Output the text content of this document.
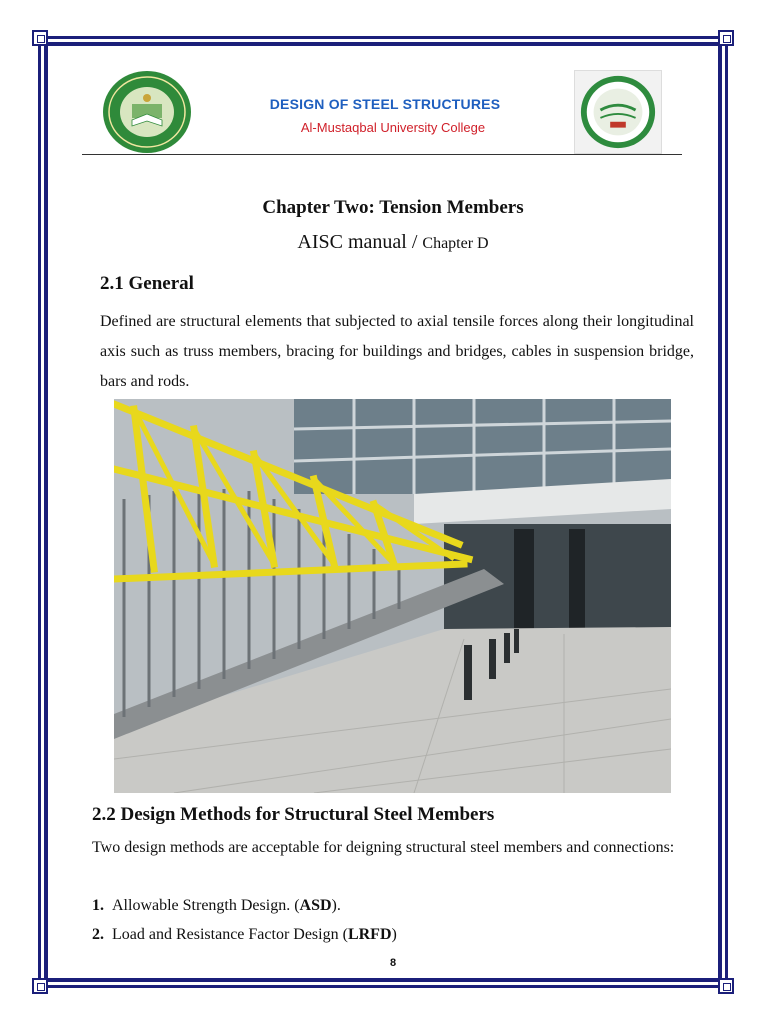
DESIGN OF STEEL STRUCTURES
Al-Mustaqbal University College
Chapter Two: Tension Members
AISC manual / Chapter D
2.1 General
Defined are structural elements that subjected to axial tensile forces along their longitudinal axis such as truss members, bracing for buildings and bridges, cables in suspension bridge, bars and rods.
2.2 Design Methods for Structural Steel Members
Two design methods are acceptable for deigning structural steel members and connections:
1. Allowable Strength Design. (ASD).
2. Load and Resistance Factor Design (LRFD)
8
